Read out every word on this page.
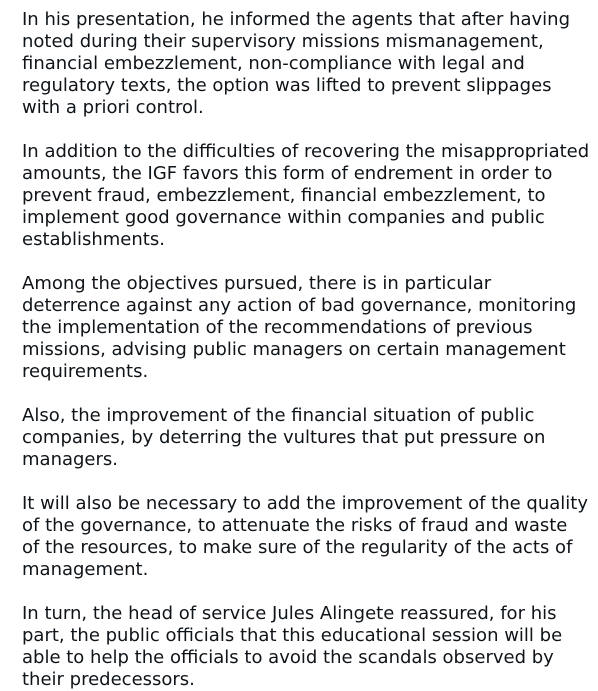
In his presentation, he informed the agents that after having noted during their supervisory missions mismanagement, financial embezzlement, non-compliance with legal and regulatory texts, the option was lifted to prevent slippages with a priori control.

In addition to the difficulties of recovering the misappropriated amounts, the IGF favors this form of endrement in order to prevent fraud, embezzlement, financial embezzlement, to implement good governance within companies and public establishments.

Among the objectives pursued, there is in particular deterrence against any action of bad governance, monitoring the implementation of the recommendations of previous missions, advising public managers on certain management requirements.

Also, the improvement of the financial situation of public companies, by deterring the vultures that put pressure on managers.

It will also be necessary to add the improvement of the quality of the governance, to attenuate the risks of fraud and waste of the resources, to make sure of the regularity of the acts of management.

In turn, the head of service Jules Alingete reassured, for his part, the public officials that this educational session will be able to help the officials to avoid the scandals observed by their predecessors.
